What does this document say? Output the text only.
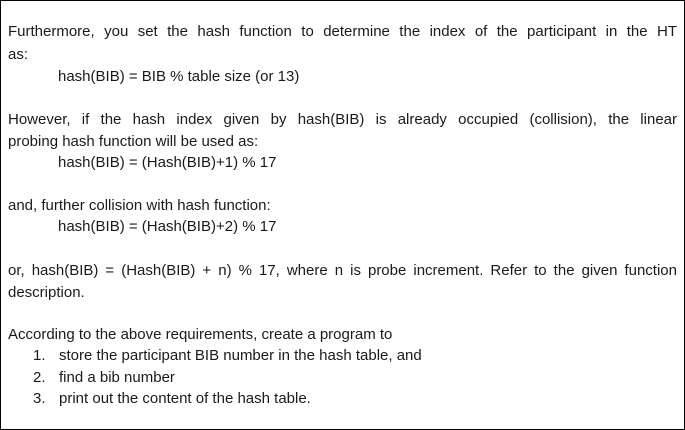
Furthermore, you set the hash function to determine the index of the participant in the HT
as:
hash(BIB) = BIB % table size (or 13)
However, if the hash index given by hash(BIB) is already occupied (collision), the linear
probing hash function will be used as:
hash(BIB) = (Hash(BIB)+1) % 17
and, further collision with hash function:
hash(BIB) = (Hash(BIB)+2) % 17
or, hash(BIB) = (Hash(BIB) + n) % 17, where n is probe increment. Refer to the given function
description.
According to the above requirements, create a program to
1. store the participant BIB number in the hash table, and
2. find a bib number
3. print out the content of the hash table.
